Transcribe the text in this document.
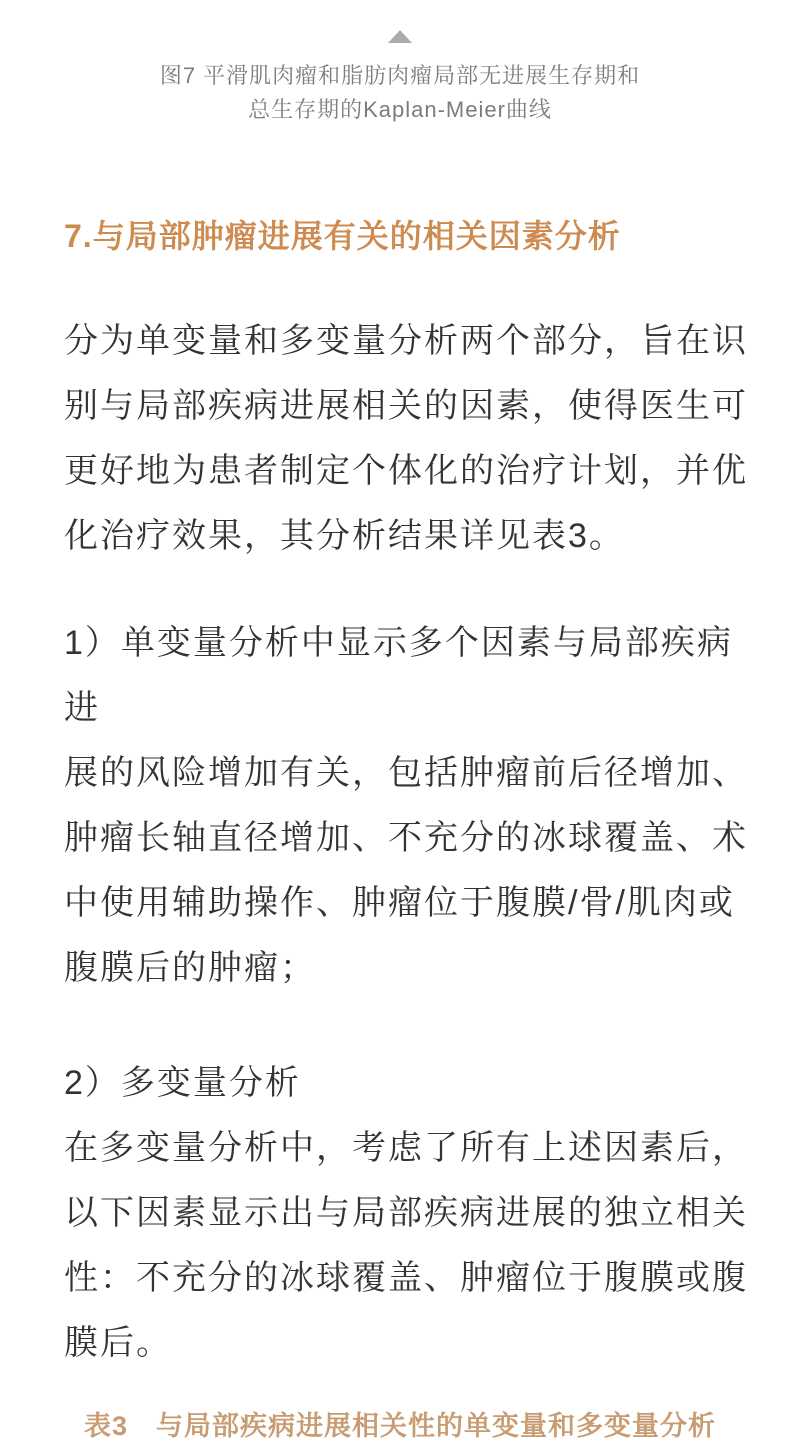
图7 平滑肌肉瘤和脂肪肉瘤局部无进展生存期和
总生存期的Kaplan-Meier曲线
7.与局部肿瘤进展有关的相关因素分析
分为单变量和多变量分析两个部分，旨在识
别与局部疾病进展相关的因素，使得医生可
更好地为患者制定个体化的治疗计划，并优
化治疗效果，其分析结果详见表3。
1）单变量分析中显示多个因素与局部疾病进
展的风险增加有关，包括肿瘤前后径增加、
肿瘤长轴直径增加、不充分的冰球覆盖、术
中使用辅助操作、肿瘤位于腹膜/骨/肌肉或
腹膜后的肿瘤；
2）多变量分析
在多变量分析中，考虑了所有上述因素后，
以下因素显示出与局部疾病进展的独立相关
性：不充分的冰球覆盖、肿瘤位于腹膜或腹
膜后。
表3　与局部疾病进展相关性的单变量和多变量分析
